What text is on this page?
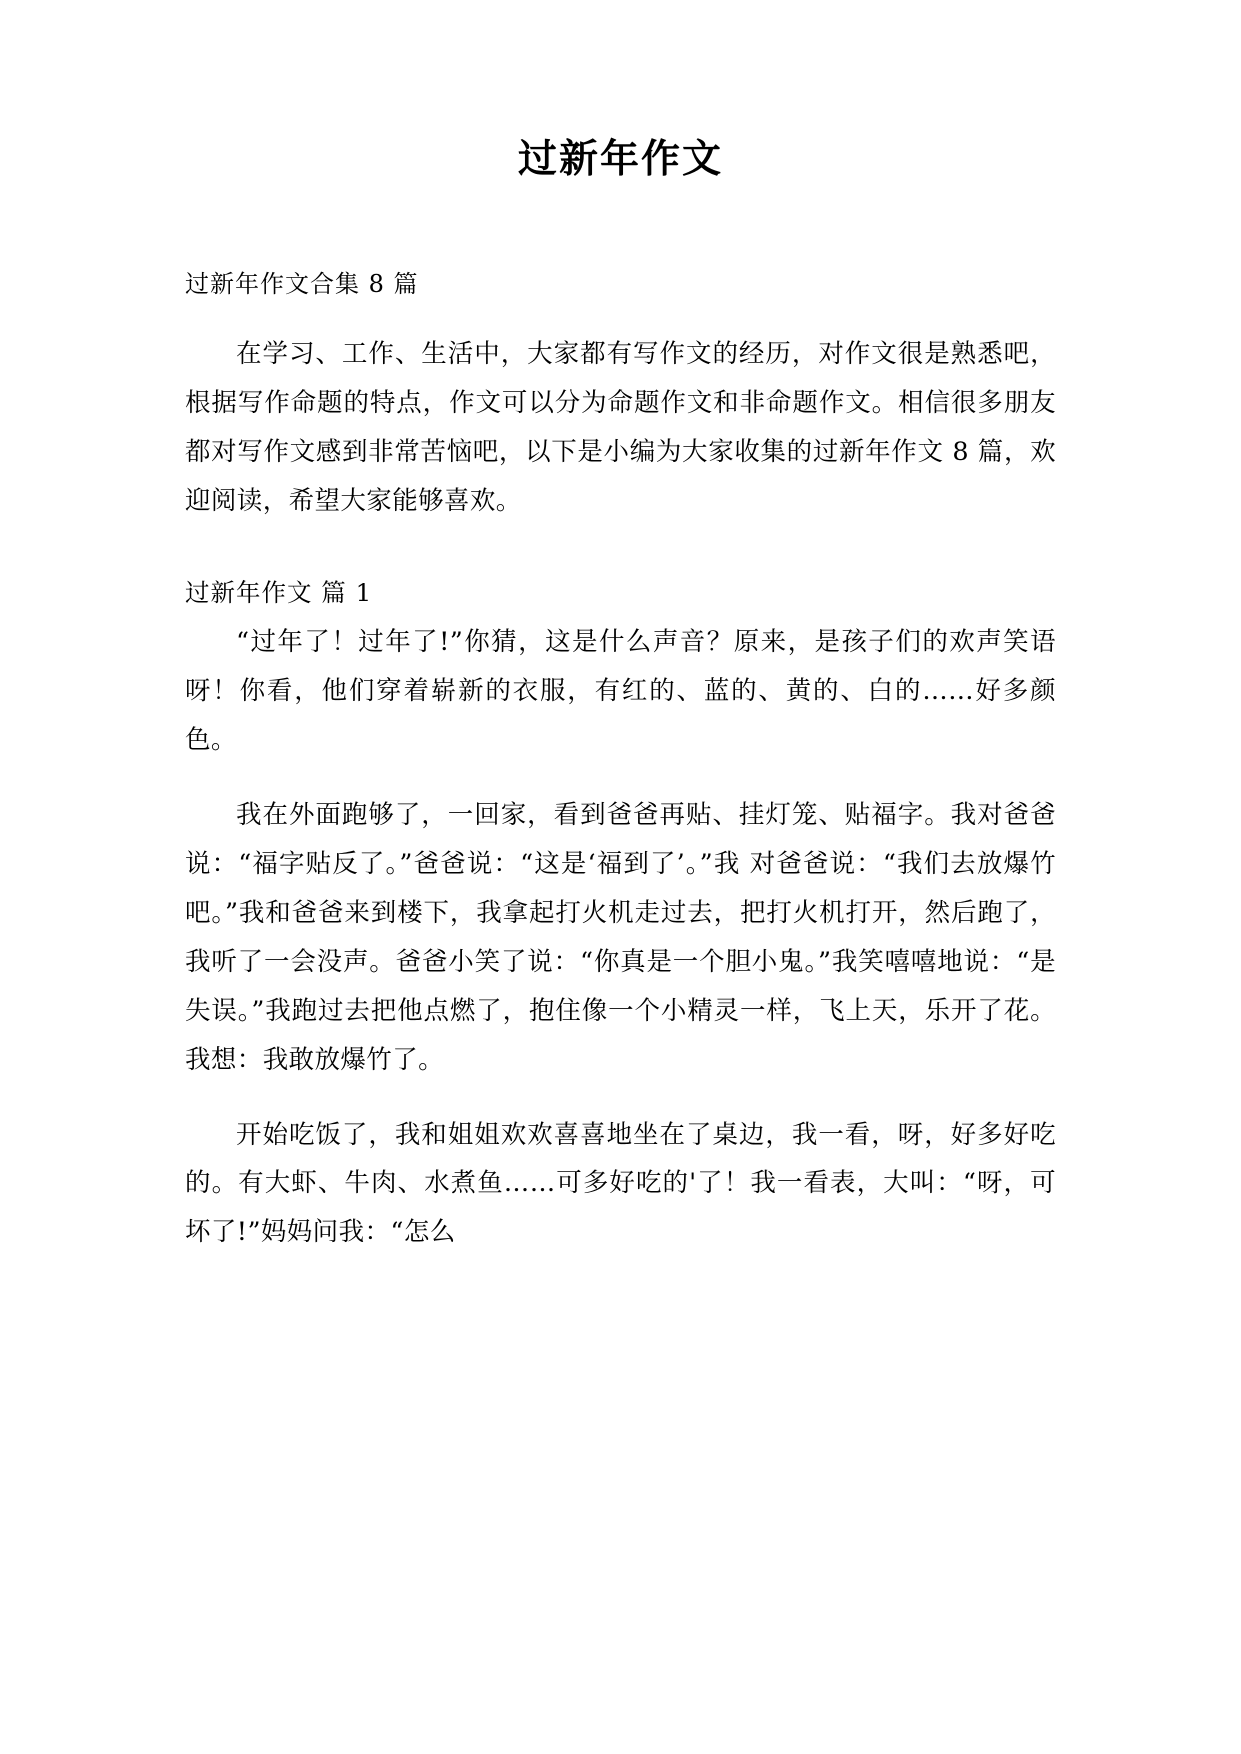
过新年作文

过新年作文合集 8 篇

在学习、工作、生活中，大家都有写作文的经历，对作文很是熟悉吧，根据写作命题的特点，作文可以分为命题作文和非命题作文。相信很多朋友都对写作文感到非常苦恼吧，以下是小编为大家收集的过新年作文 8 篇，欢迎阅读，希望大家能够喜欢。

过新年作文 篇 1

“过年了！过年了!”你猜，这是什么声音？原来，是孩子们的欢声笑语呀！你看，他们穿着崭新的衣服，有红的、蓝的、黄的、白的……好多颜色。

我在外面跑够了，一回家，看到爸爸再贴、挂灯笼、贴福字。我对爸爸说：“福字贴反了。”爸爸说：“这是‘福到了’。”我 对爸爸说：“我们去放爆竹吧。”我和爸爸来到楼下，我拿起打火机走过去，把打火机打开，然后跑了，我听了一会没声。爸爸小笑了说：“你真是一个胆小鬼。”我笑嘻嘻地说：“是失误。”我跑过去把他点燃了，抱住像一个小精灵一样，飞上天，乐开了花。我想：我敢放爆竹了。

开始吃饭了，我和姐姐欢欢喜喜地坐在了桌边，我一看，呀，好多好吃的。有大虾、牛肉、水煮鱼……可多好吃的'了！我一看表，大叫：“呀，可坏了!”妈妈问我：“怎么
